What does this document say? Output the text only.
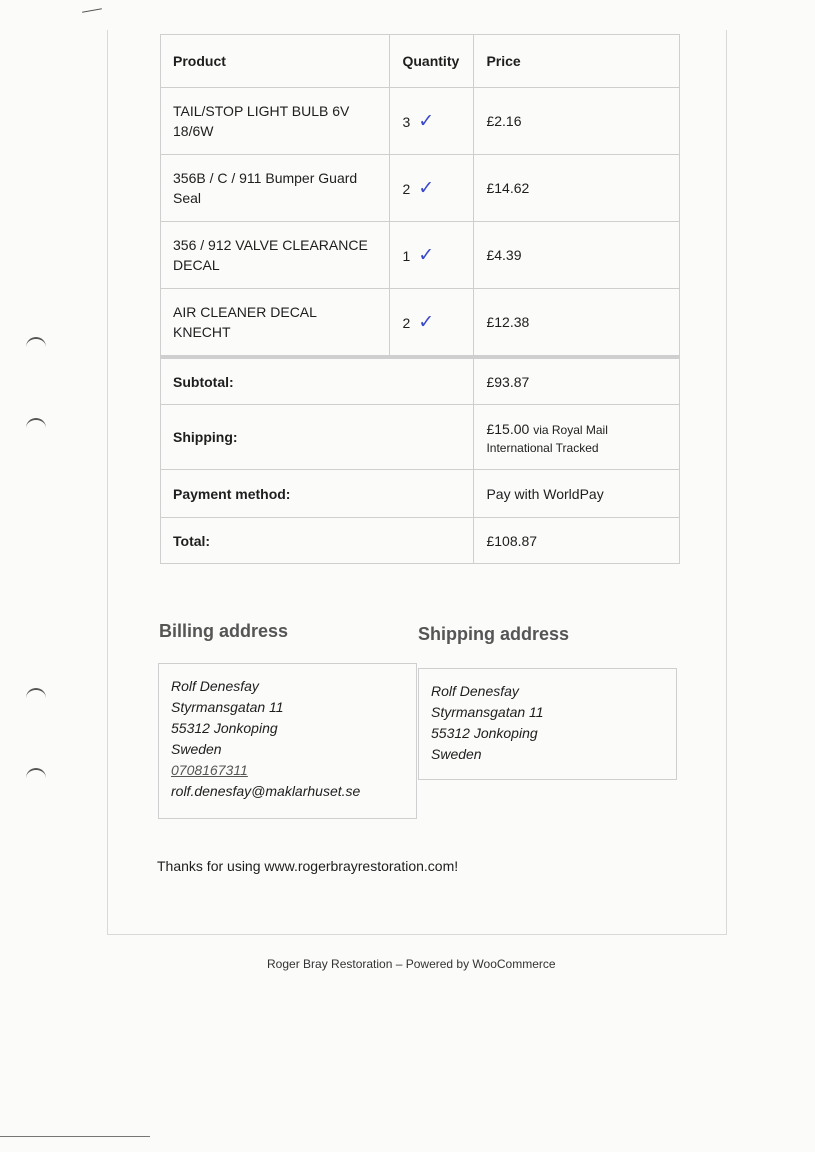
Product	Quantity	Price
TAIL/STOP LIGHT BULB 6V 18/6W	3 ✓	£2.16
356B / C / 911 Bumper Guard Seal	2 ✓	£14.62
356 / 912 VALVE CLEARANCE DECAL	1 ✓	£4.39
AIR CLEANER DECAL KNECHT	2 ✓	£12.38
Subtotal:		£93.87
Shipping:		£15.00 via Royal Mail
International Tracked

Payment method:		Pay with WorldPay
Total:		£108.87
Billing address	Shipping address
Rolf Denesfay
Styrmansgatan 11
55312 Jonkoping
Sweden
0708167311
rolf.denesfay@maklarhuset.se
Rolf Denesfay
Styrmansgatan 11
55312 Jonkoping
Sweden
Thanks for using www.rogerbrayrestoration.com!
Roger Bray Restoration – Powered by WooCommerce
